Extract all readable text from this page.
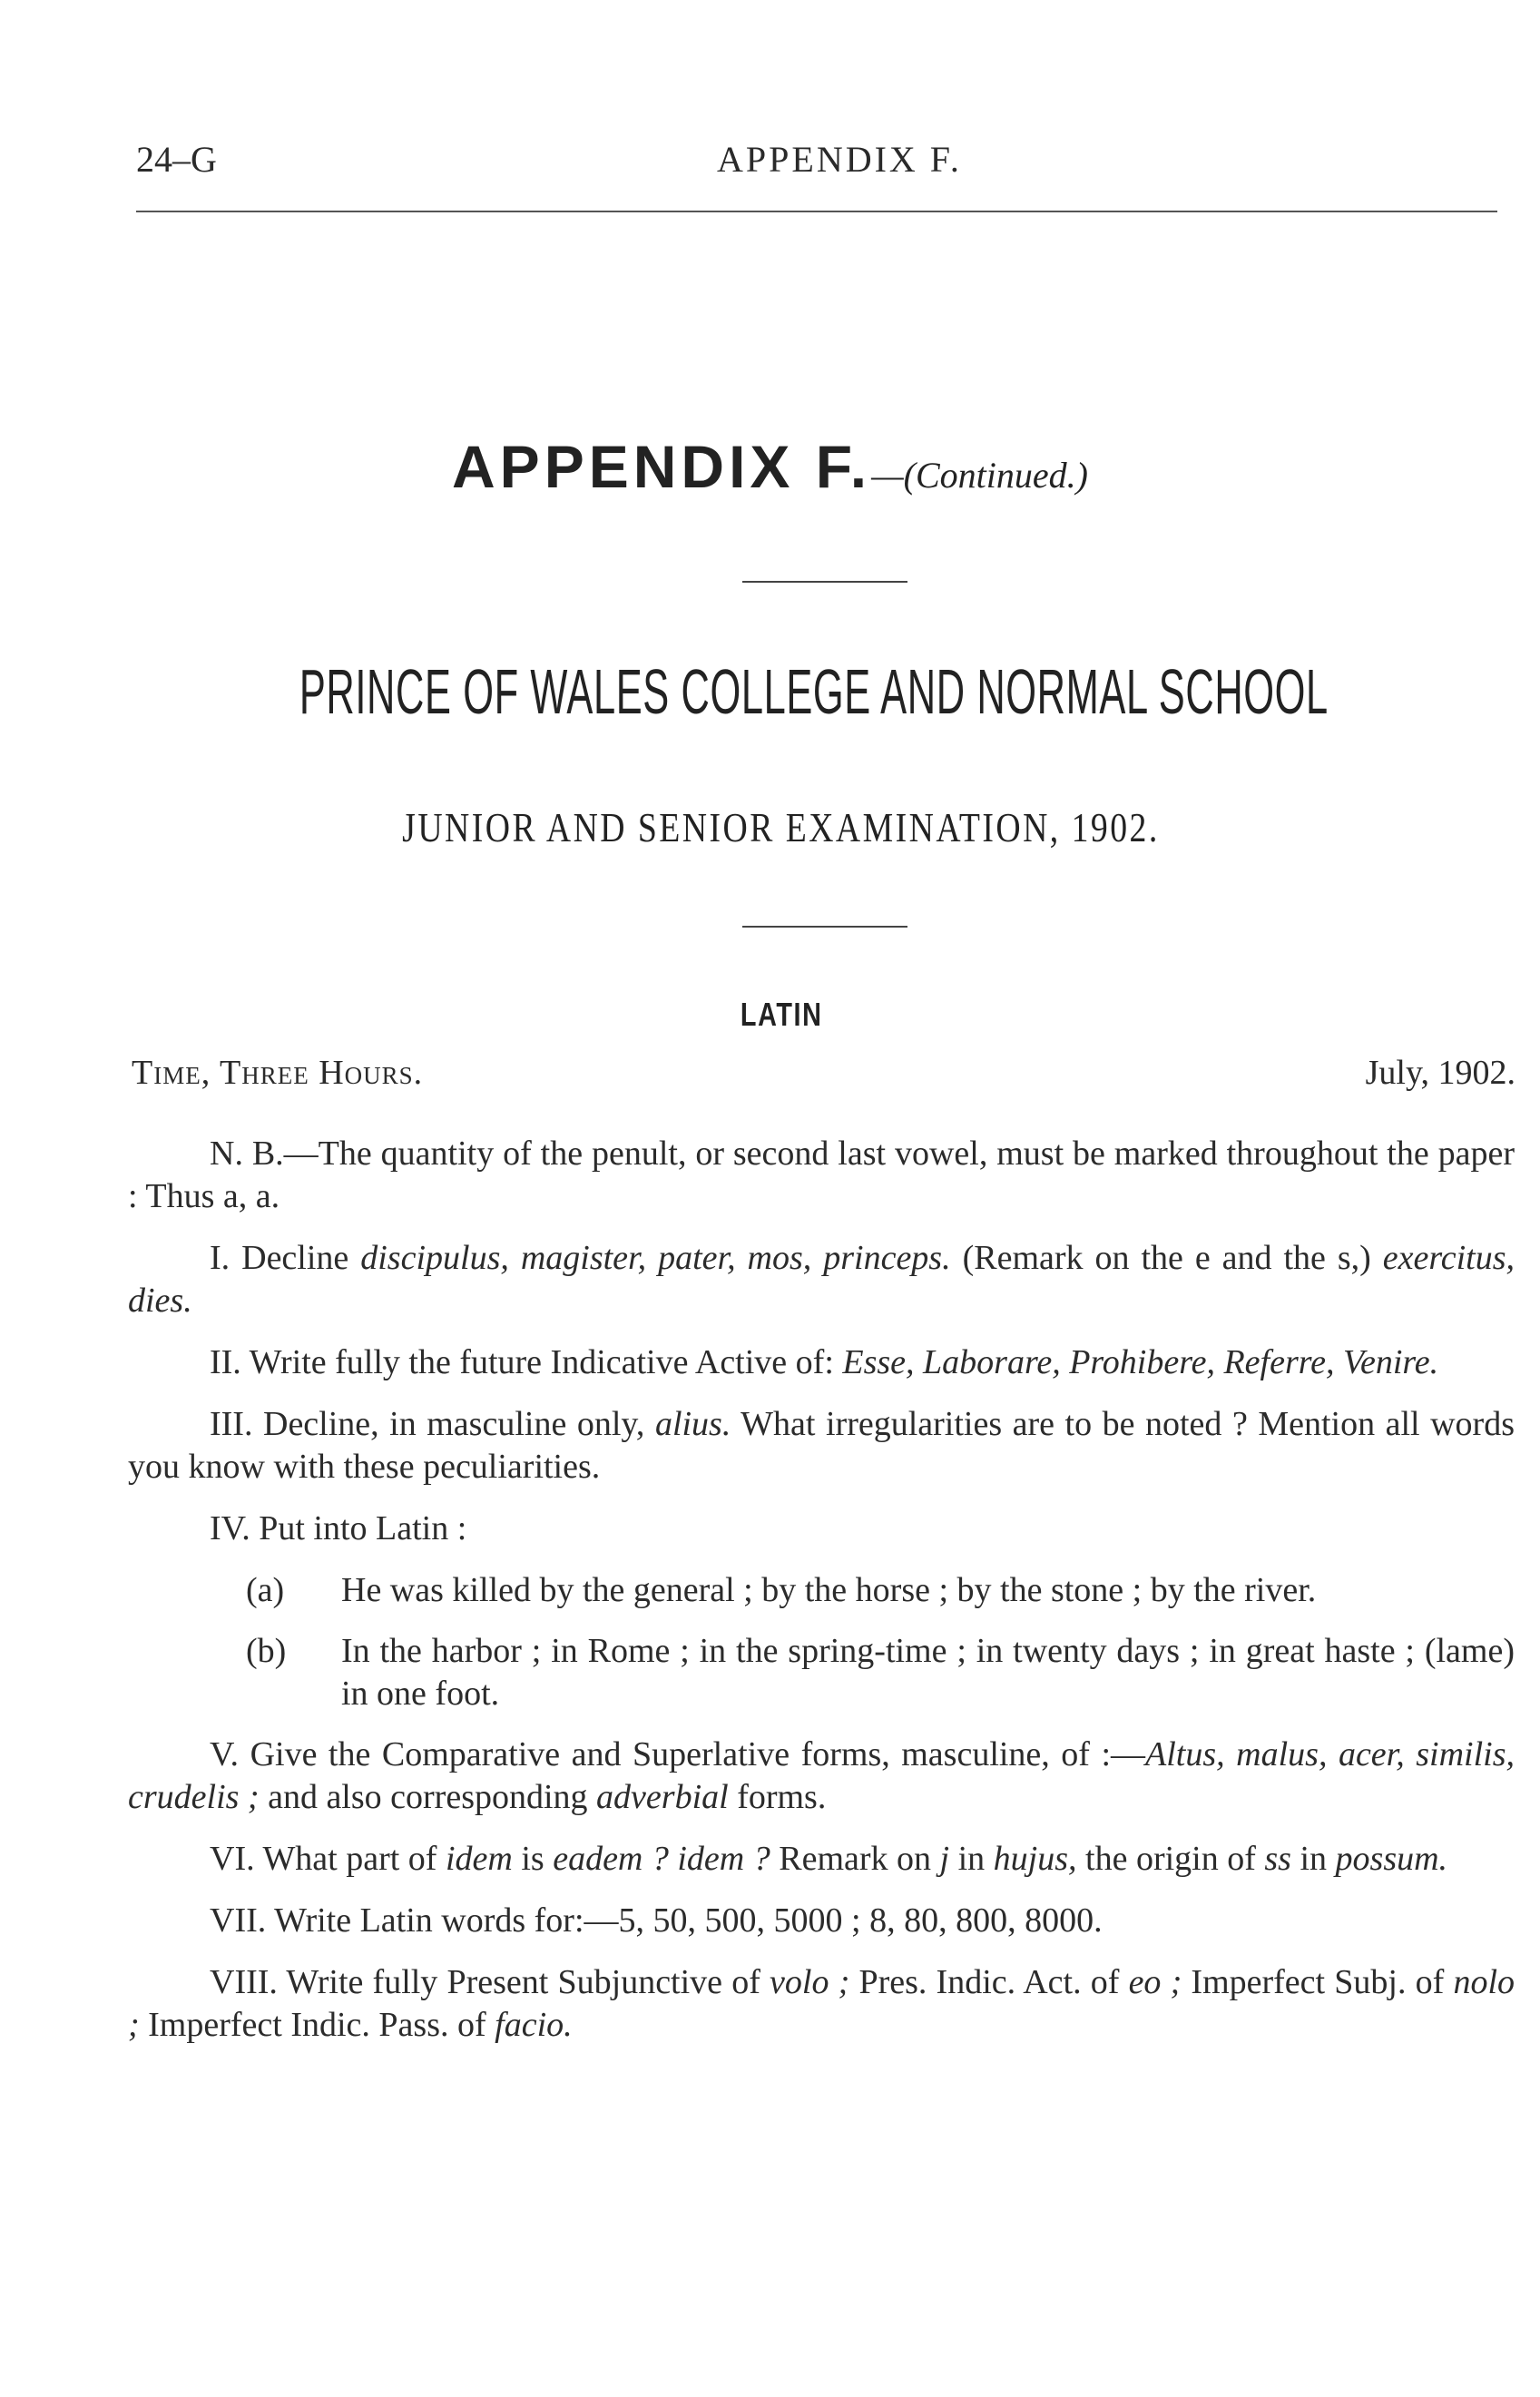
24–G	APPENDIX F.
APPENDIX F.—(Continued.)
PRINCE OF WALES COLLEGE AND NORMAL SCHOOL
JUNIOR AND SENIOR EXAMINATION, 1902.
LATIN
Time, Three Hours.	July, 1902.

N. B.—The quantity of the penult, or second last vowel, must be marked throughout the paper : Thus a, a.

I. Decline discipulus, magister, pater, mos, princeps. (Remark on the e and the s,) exercitus, dies.

II. Write fully the future Indicative Active of: Esse, Laborare, Prohibere, Referre, Venire.

III. Decline, in masculine only, alius. What irregularities are to be noted ? Mention all words you know with these peculiarities.

IV. Put into Latin :

(a) He was killed by the general ; by the horse ; by the stone ; by the river.

(b) In the harbor ; in Rome ; in the spring-time ; in twenty days ; in great haste ; (lame) in one foot.

V. Give the Comparative and Superlative forms, masculine, of :—Altus, malus, acer, similis, crudelis ; and also corresponding adverbial forms.

VI. What part of idem is eadem ? idem ? Remark on j in hujus, the origin of ss in possum.

VII. Write Latin words for:—5, 50, 500, 5000 ; 8, 80, 800, 8000.

VIII. Write fully Present Subjunctive of volo ; Pres. Indic. Act. of eo ; Imperfect Subj. of nolo ; Imperfect Indic. Pass. of facio.
